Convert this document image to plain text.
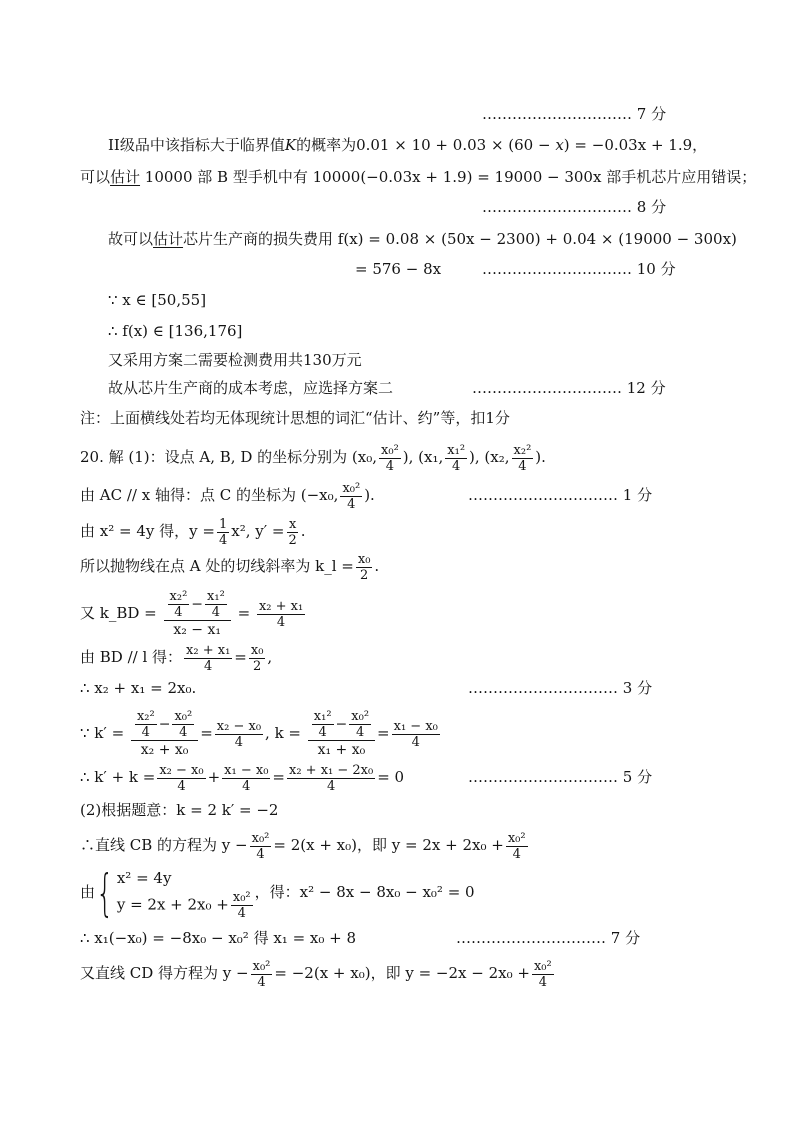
………………………… 7 分
II级品中该指标大于临界值K的概率为0.01 × 10 + 0.03 × (60 − x) = −0.03x + 1.9，
可以估计 10000 部 B 型手机中有 10000(−0.03x + 1.9) = 19000 − 300x 部手机芯片应用错误；
………………………… 8 分
故可以估计芯片生产商的损失费用 f(x) = 0.08 × (50x − 2300) + 0.04 × (19000 − 300x)
= 576 − 8x	………………………… 10 分
∵ x ∈ [50,55]
∴ f(x) ∈ [136,176]
又采用方案二需要检测费用共130万元
故从芯片生产商的成本考虑，应选择方案二	………………………… 12 分
注：上面横线处若均无体现统计思想的词汇“估计、约”等，扣1分
20. 解 (1)：设点 A, B, D 的坐标分别为 (x₀, $\frac{\text{x₀²}}{4}$ ), (x₁, $\frac{\text{x₁²}}{4}$ ), (x₂, $\frac{\text{x₂²}}{4}$ ).
由 AC // x 轴得：点 C 的坐标为 (−x₀, $\frac{\text{x₀²}}{4}$ ).	………………………… 1 分
由 x² = 4y 得，$y = \frac{1}{4} x^2$, $y' = \frac{x}{2}$ .
所以抛物线在点 A 处的切线斜率为 k_l = $\frac{\text{x₀}}{2}$ .
又 k_BD = $\frac{\frac{\text{x₂²}}{4} - \frac{\text{x₁²}}{4}}{\text{x₂ − x₁}} = \frac{\text{x₂ + x₁}}{4}$
由 BD // l 得： $\frac{\text{x₂ + x₁}}{4} = \frac{\text{x₀}}{2}$ ,
∴ x₂ + x₁ = 2x₀.	………………………… 3 分
∵ $k' = \frac{\frac{\text{x₂²}}{4} - \frac{\text{x₀²}}{4}}{\text{x₂ + x₀}} = \frac{\text{x₂ − x₀}}{4}$ , $k = \frac{\frac{\text{x₁²}}{4} - \frac{\text{x₀²}}{4}}{\text{x₁ + x₀}} = \frac{\text{x₁ − x₀}}{4}$
∴ $k' + k = \frac{\text{x₂ − x₀}}{4} + \frac{\text{x₁ − x₀}}{4} = \frac{\text{x₂ + x₁ − 2x₀}}{4} = 0$	………………………… 5 分
(2)根据题意：k = 2 k′ = −2
∴直线 CB 的方程为 $y - \frac{\text{x₀²}}{4} = 2(x + x_0)$，即 $y = 2x + 2x_0 + \frac{\text{x₀²}}{4}$
由{ x² = 4y
$y = 2x + 2x_0 + \frac{\text{x₀²}}{4}$ ，得：x² − 8x − 8x₀ − x₀² = 0
∴ x₁(−x₀) = −8x₀ − x₀² 得 x₁ = x₀ + 8	………………………… 7 分
又直线 CD 得方程为 $y - \frac{\text{x₀²}}{4} = -2(x + x_0)$，即 $y = -2x - 2x_0 + \frac{\text{x₀²}}{4}$
